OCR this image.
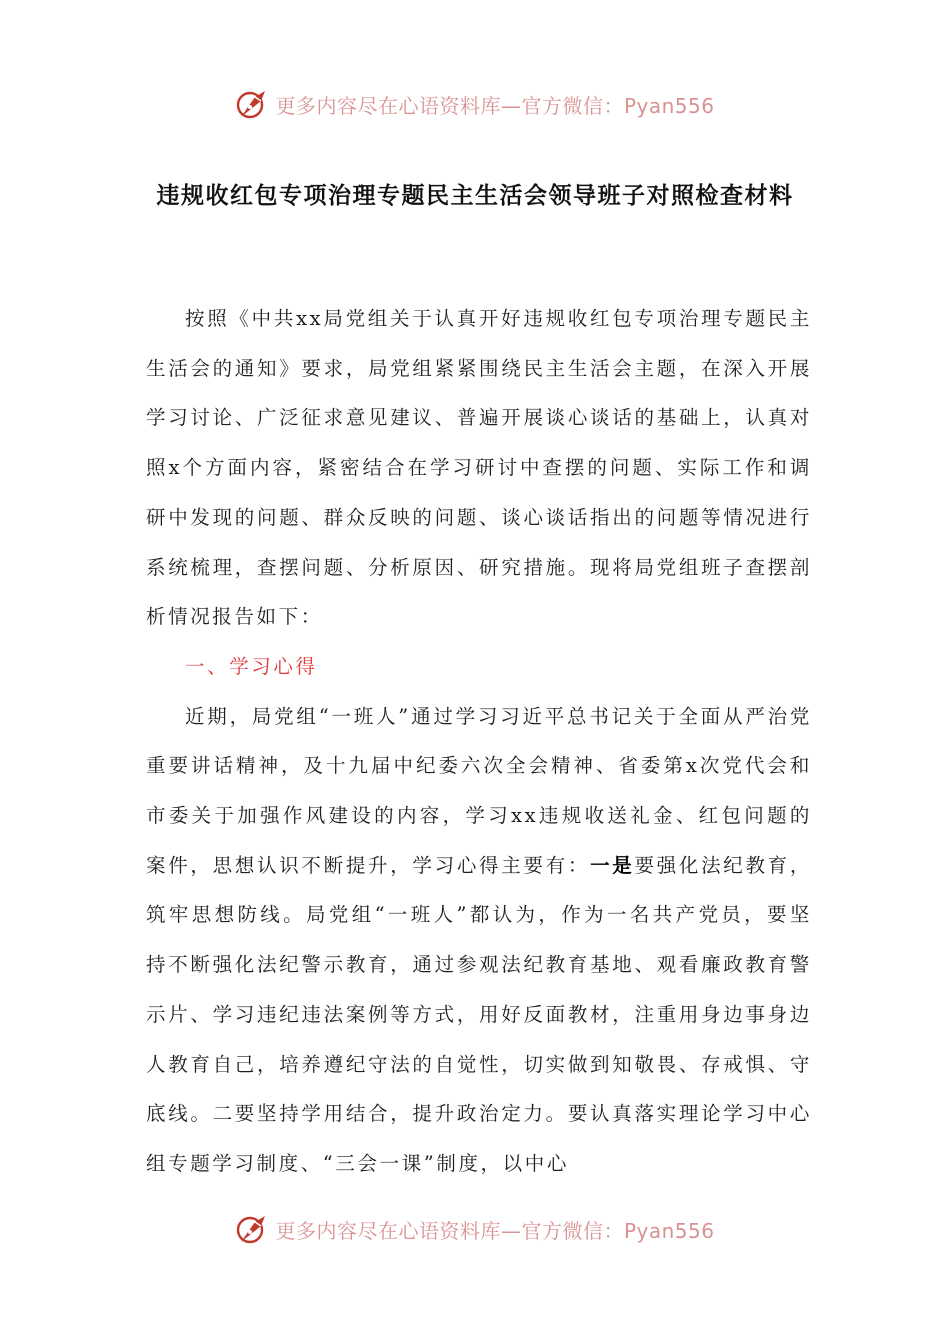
更多内容尽在心语资料库—官方微信：Pyan556
违规收红包专项治理专题民主生活会领导班子对照检查材料

按照《中共xx局党组关于认真开好违规收红包专项治理专题民主生活会的通知》要求，局党组紧紧围绕民主生活会主题，在深入开展学习讨论、广泛征求意见建议、普遍开展谈心谈话的基础上，认真对照x个方面内容，紧密结合在学习研讨中查摆的问题、实际工作和调研中发现的问题、群众反映的问题、谈心谈话指出的问题等情况进行系统梳理，查摆问题、分析原因、研究措施。现将局党组班子查摆剖析情况报告如下：

一、学习心得

近期，局党组“一班人”通过学习习近平总书记关于全面从严治党重要讲话精神，及十九届中纪委六次全会精神、省委第x次党代会和市委关于加强作风建设的内容，学习xx违规收送礼金、红包问题的案件，思想认识不断提升，学习心得主要有：一是要强化法纪教育，筑牢思想防线。局党组“一班人”都认为，作为一名共产党员，要坚持不断强化法纪警示教育，通过参观法纪教育基地、观看廉政教育警示片、学习违纪违法案例等方式，用好反面教材，注重用身边事身边人教育自己，培养遵纪守法的自觉性，切实做到知敬畏、存戒惧、守底线。二要坚持学用结合，提升政治定力。要认真落实理论学习中心组专题学习制度、“三会一课”制度，以中心

更多内容尽在心语资料库—官方微信：Pyan556
